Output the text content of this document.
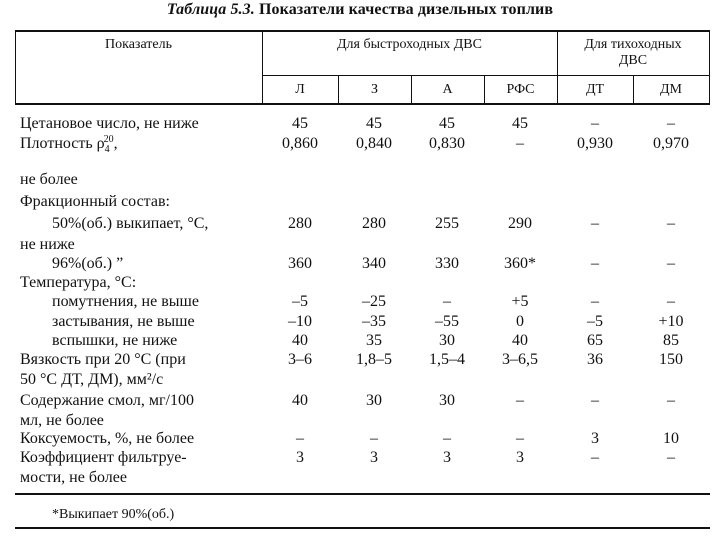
Таблица 5.3. Показатели качества дизельных топлив
Показатель	Для быстроходных ДВС	Для тихоходных
ДВС
Л	З	А	РФС	ДТ	ДМ
Цетановое число, не ниже	45	45	45	45	–	–
Плотность $\rho_4^{20}$,	0,860	0,840	0,830	–	0,930	0,970
не более
Фракционный состав:
50%(об.) выкипает, °С,	280	280	255	290	–	–
не ниже
96%(об.) ”	360	340	330	360*	–	–
Температура, °С:
помутнения, не выше	–5	–25	–	+5	–	–
застывания, не выше	–10	–35	–55	0	–5	+10
вспышки, не ниже	40	35	30	40	65	85
Вязкость при 20 °С (при	3–6	1,8–5	1,5–4	3–6,5	36	150
50 °С ДТ, ДМ), мм²/с
Содержание смол, мг/100	40	30	30	–	–	–
мл, не более
Коксуемость, %, не более	–	–	–	–	3	10
Коэффициент фильтруе-	3	3	3	3	–	–
мости, не более
*Выкипает 90%(об.)
